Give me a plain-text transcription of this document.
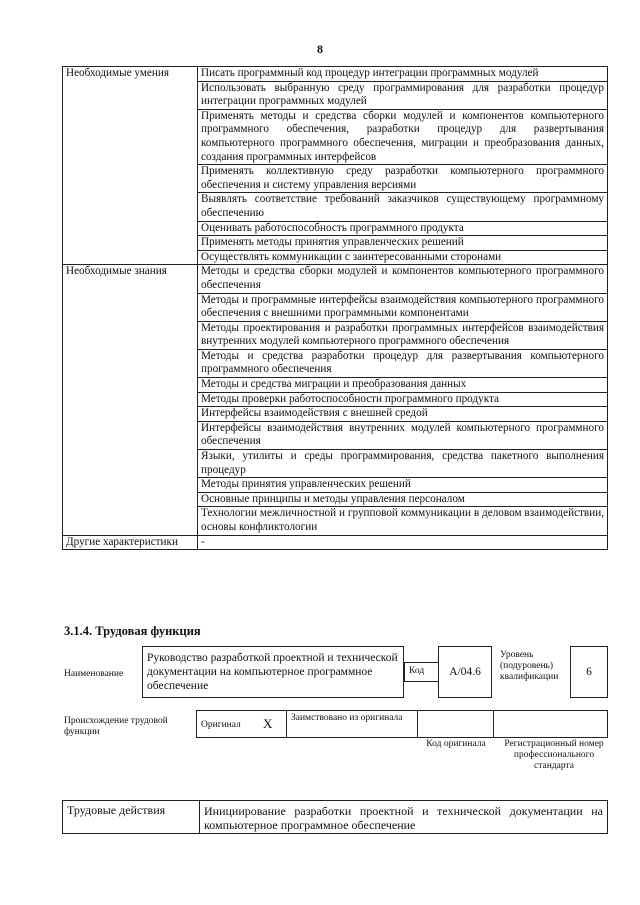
8
Необходимые умения	Писать программный код процедур интеграции программных модулей
	Использовать выбранную среду программирования для разработки процедур интеграции программных модулей
	Применять методы и средства сборки модулей и компонентов компьютерного программного обеспечения, разработки процедур для развертывания компьютерного программного обеспечения, миграции и преобразования данных, создания программных интерфейсов
	Применять коллективную среду разработки компьютерного программного обеспечения и систему управления версиями
	Выявлять соответствие требований заказчиков существующему программному обеспечению
	Оценивать работоспособность программного продукта
	Применять методы принятия управленческих решений
	Осуществлять коммуникации с заинтересованными сторонами
Необходимые знания	Методы и средства сборки модулей и компонентов компьютерного программного обеспечения
	Методы и программные интерфейсы взаимодействия компьютерного программного обеспечения с внешними программными компонентами
	Методы проектирования и разработки программных интерфейсов взаимодействия внутренних модулей компьютерного программного обеспечения
	Методы и средства разработки процедур для развертывания компьютерного программного обеспечения
	Методы и средства миграции и преобразования данных
	Методы проверки работоспособности программного продукта
	Интерфейсы взаимодействия с внешней средой
	Интерфейсы взаимодействия внутренних модулей компьютерного программного обеспечения
	Языки, утилиты и среды программирования, средства пакетного выполнения процедур
	Методы принятия управленческих решений
	Основные принципы и методы управления персоналом
	Технологии межличностной и групповой коммуникации в деловом взаимодействии, основы конфликтологии
Другие характеристики	-
3.1.4. Трудовая функция
Наименование
Руководство разработкой проектной и технической документации на компьютерное программное обеспечение
Код	А/04.6
Уровень (подуровень) квалификации	6
Происхождение трудовой функции
Оригинал X	Заимствовано из оригинала
Код оригинала	Регистрационный номер профессионального стандарта
Трудовые действия	Инициирование разработки проектной и технической документации на компьютерное программное обеспечение
